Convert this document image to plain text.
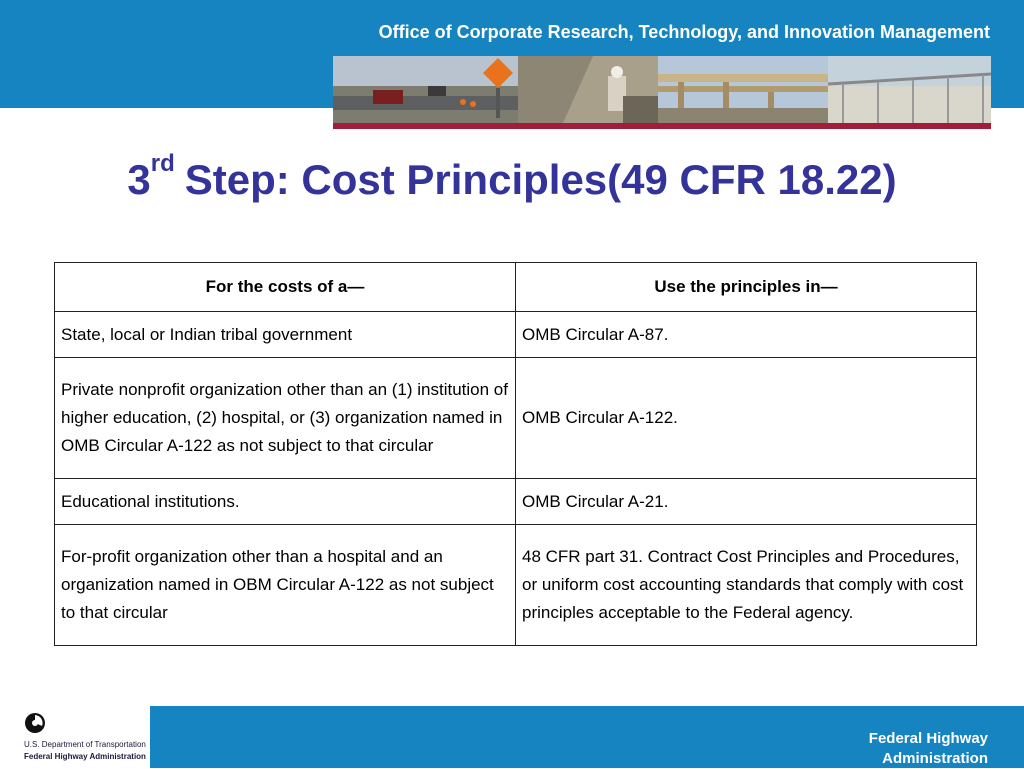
Office of Corporate Research, Technology, and Innovation Management
3rd Step: Cost Principles(49 CFR 18.22)
For the costs of a—	Use the principles in—
State, local or Indian tribal government	OMB Circular A-87.
Private nonprofit organization other than an (1) institution of higher education, (2) hospital, or (3) organization named in OMB Circular A-122 as not subject to that circular	OMB Circular A-122.
Educational institutions.	OMB Circular A-21.
For-profit organization other than a hospital and an organization named in OBM Circular A-122 as not subject to that circular	48 CFR part 31. Contract Cost Principles and Procedures, or uniform cost accounting standards that comply with cost principles acceptable to the Federal agency.
U.S. Department of Transportation
Federal Highway Administration
Federal Highway
Administration
